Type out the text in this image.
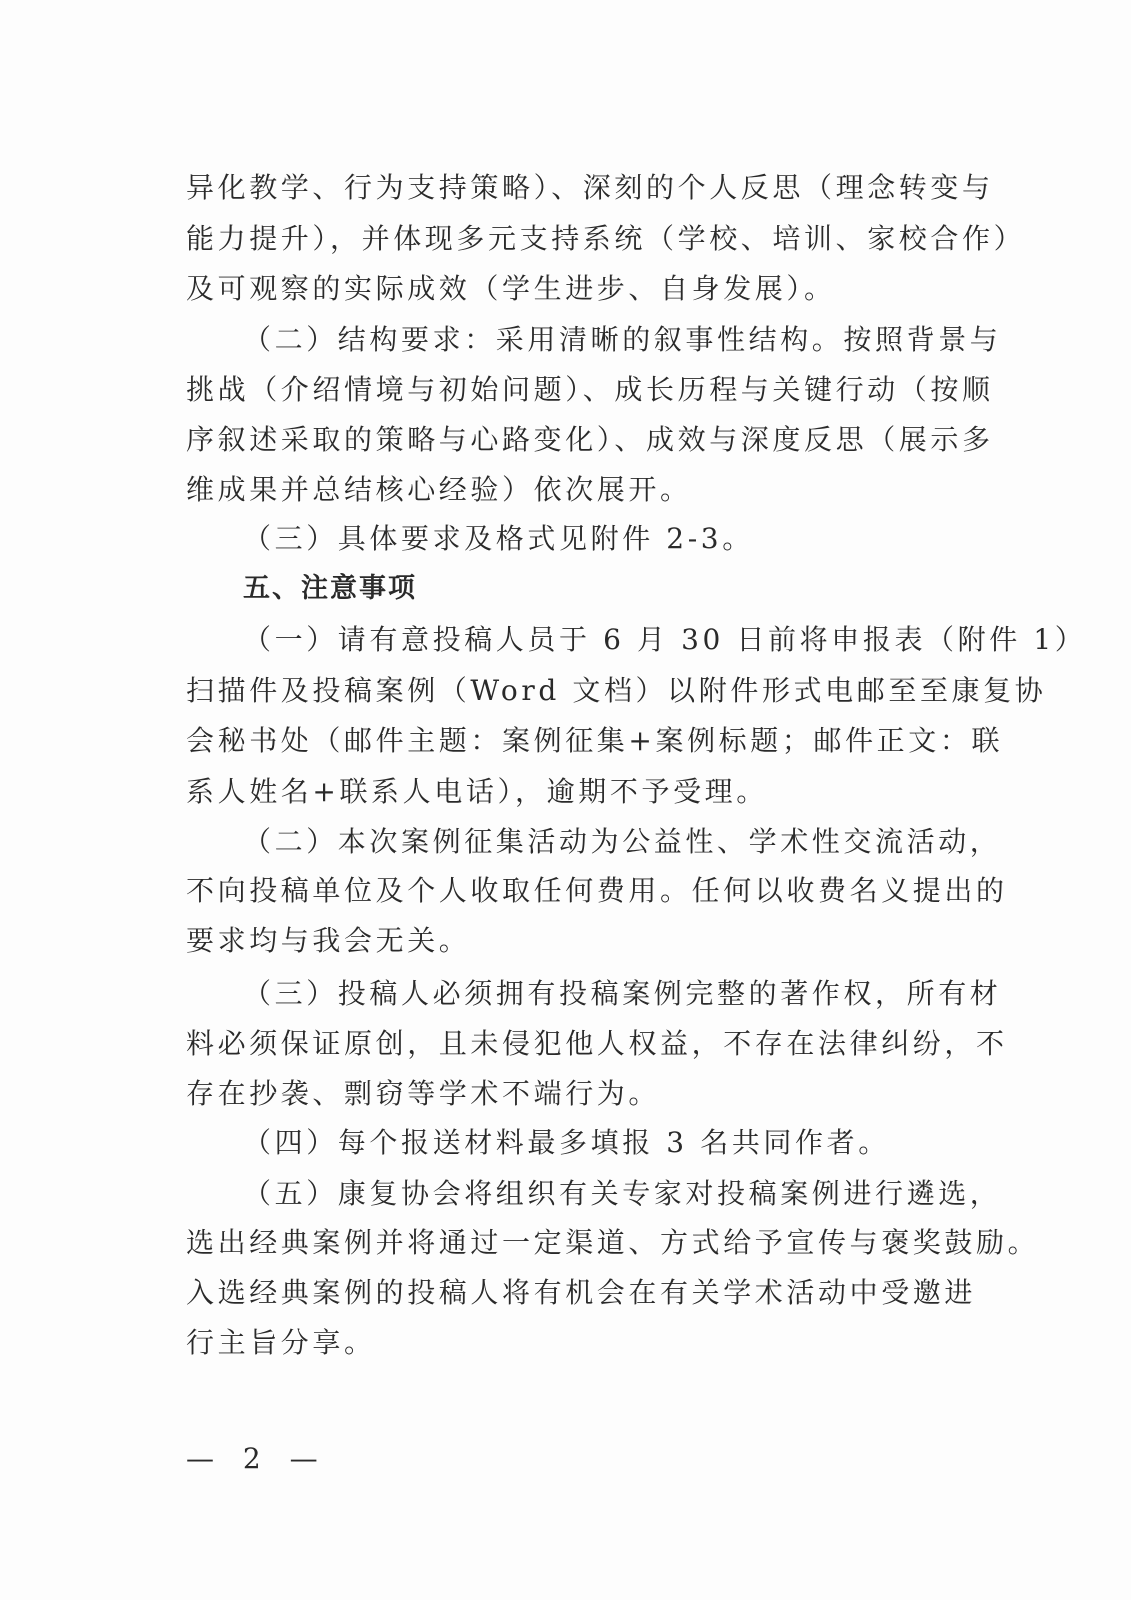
异化教学、行为支持策略）、深刻的个人反思（理念转变与
能力提升），并体现多元支持系统（学校、培训、家校合作）
及可观察的实际成效（学生进步、自身发展）。
（二）结构要求：采用清晰的叙事性结构。按照背景与
挑战（介绍情境与初始问题）、成长历程与关键行动（按顺
序叙述采取的策略与心路变化）、成效与深度反思（展示多
维成果并总结核心经验）依次展开。
（三）具体要求及格式见附件 2-3。
五、注意事项
（一）请有意投稿人员于 6 月 30 日前将申报表（附件 1）
扫描件及投稿案例（Word 文档）以附件形式电邮至至康复协
会秘书处（邮件主题：案例征集+案例标题；邮件正文：联
系人姓名+联系人电话），逾期不予受理。
（二）本次案例征集活动为公益性、学术性交流活动，
不向投稿单位及个人收取任何费用。任何以收费名义提出的
要求均与我会无关。
（三）投稿人必须拥有投稿案例完整的著作权，所有材
料必须保证原创，且未侵犯他人权益，不存在法律纠纷，不
存在抄袭、剽窃等学术不端行为。
（四）每个报送材料最多填报 3 名共同作者。
（五）康复协会将组织有关专家对投稿案例进行遴选，
选出经典案例并将通过一定渠道、方式给予宣传与褒奖鼓励。
入选经典案例的投稿人将有机会在有关学术活动中受邀进
行主旨分享。
— 2 —
